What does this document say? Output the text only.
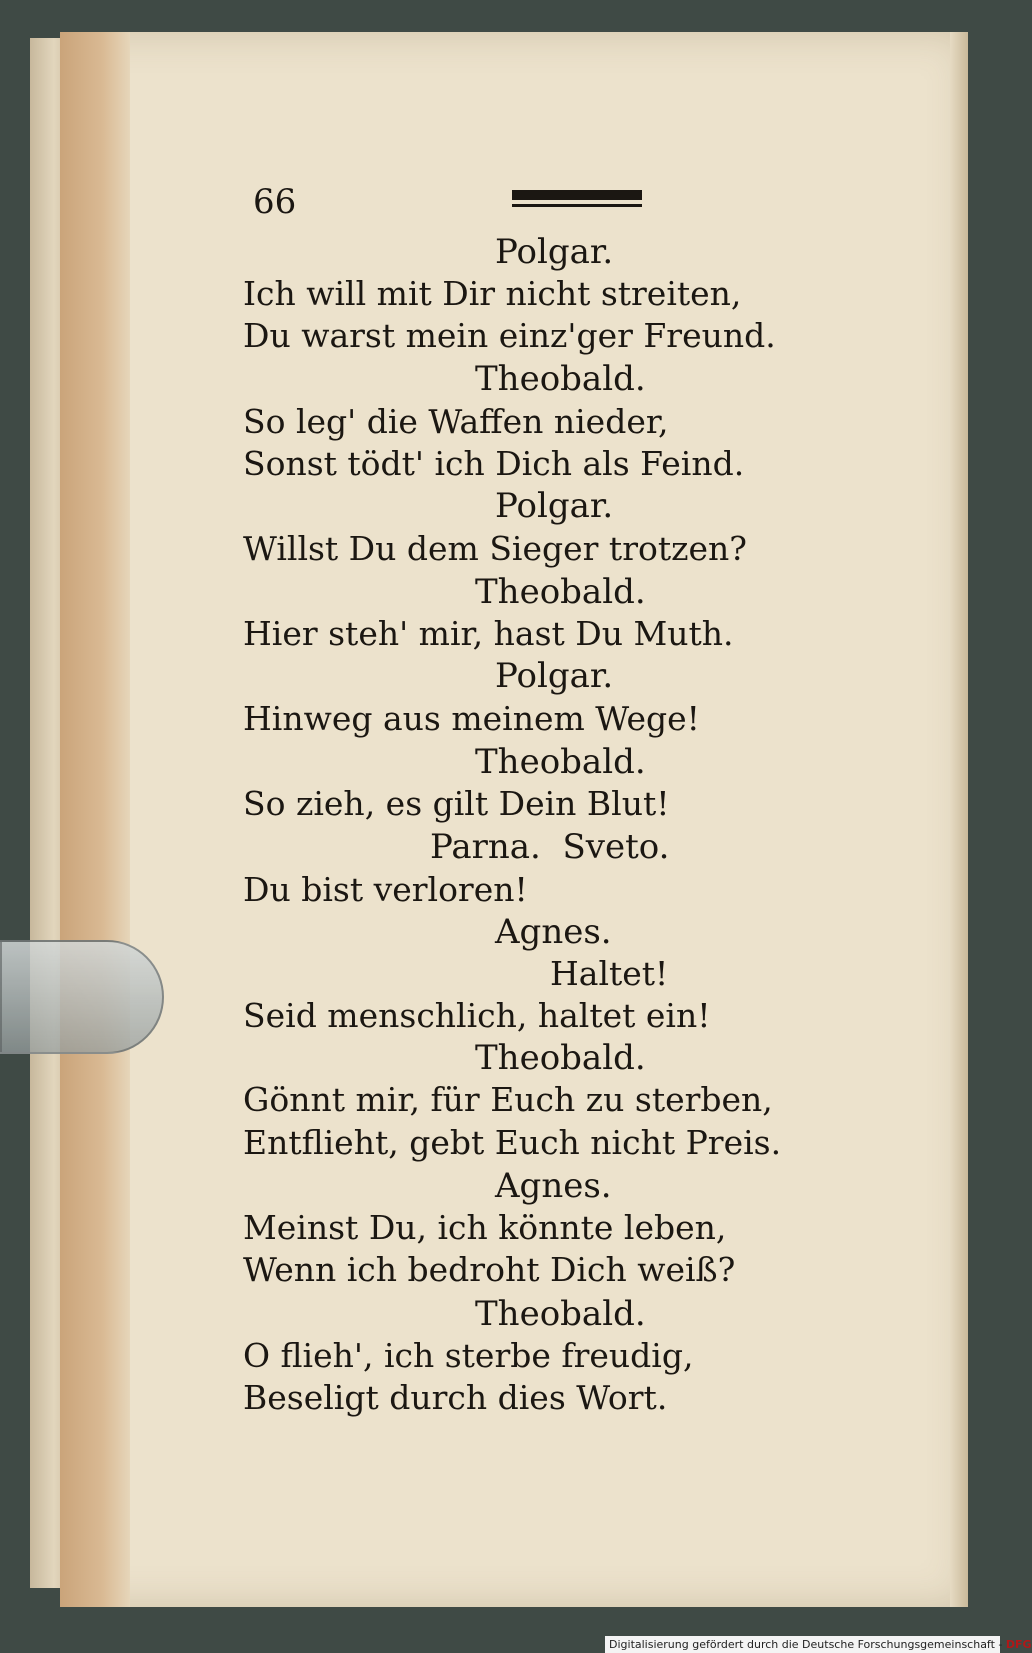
66
Polgar.
Ich will mit Dir nicht streiten,
Du warst mein einz'ger Freund.
Theobald.
So leg' die Waffen nieder,
Sonst tödt' ich Dich als Feind.
Polgar.
Willst Du dem Sieger trotzen?
Theobald.
Hier steh' mir, hast Du Muth.
Polgar.
Hinweg aus meinem Wege!
Theobald.
So zieh, es gilt Dein Blut!
Parna.  Sveto.
Du bist verloren!
Agnes.
Haltet!
Seid menschlich, haltet ein!
Theobald.
Gönnt mir, für Euch zu sterben,
Entflieht, gebt Euch nicht Preis.
Agnes.
Meinst Du, ich könnte leben,
Wenn ich bedroht Dich weiß?
Theobald.
O flieh', ich sterbe freudig,
Beseligt durch dies Wort.
Digitalisierung gefördert durch die Deutsche Forschungsgemeinschaft - DFG
